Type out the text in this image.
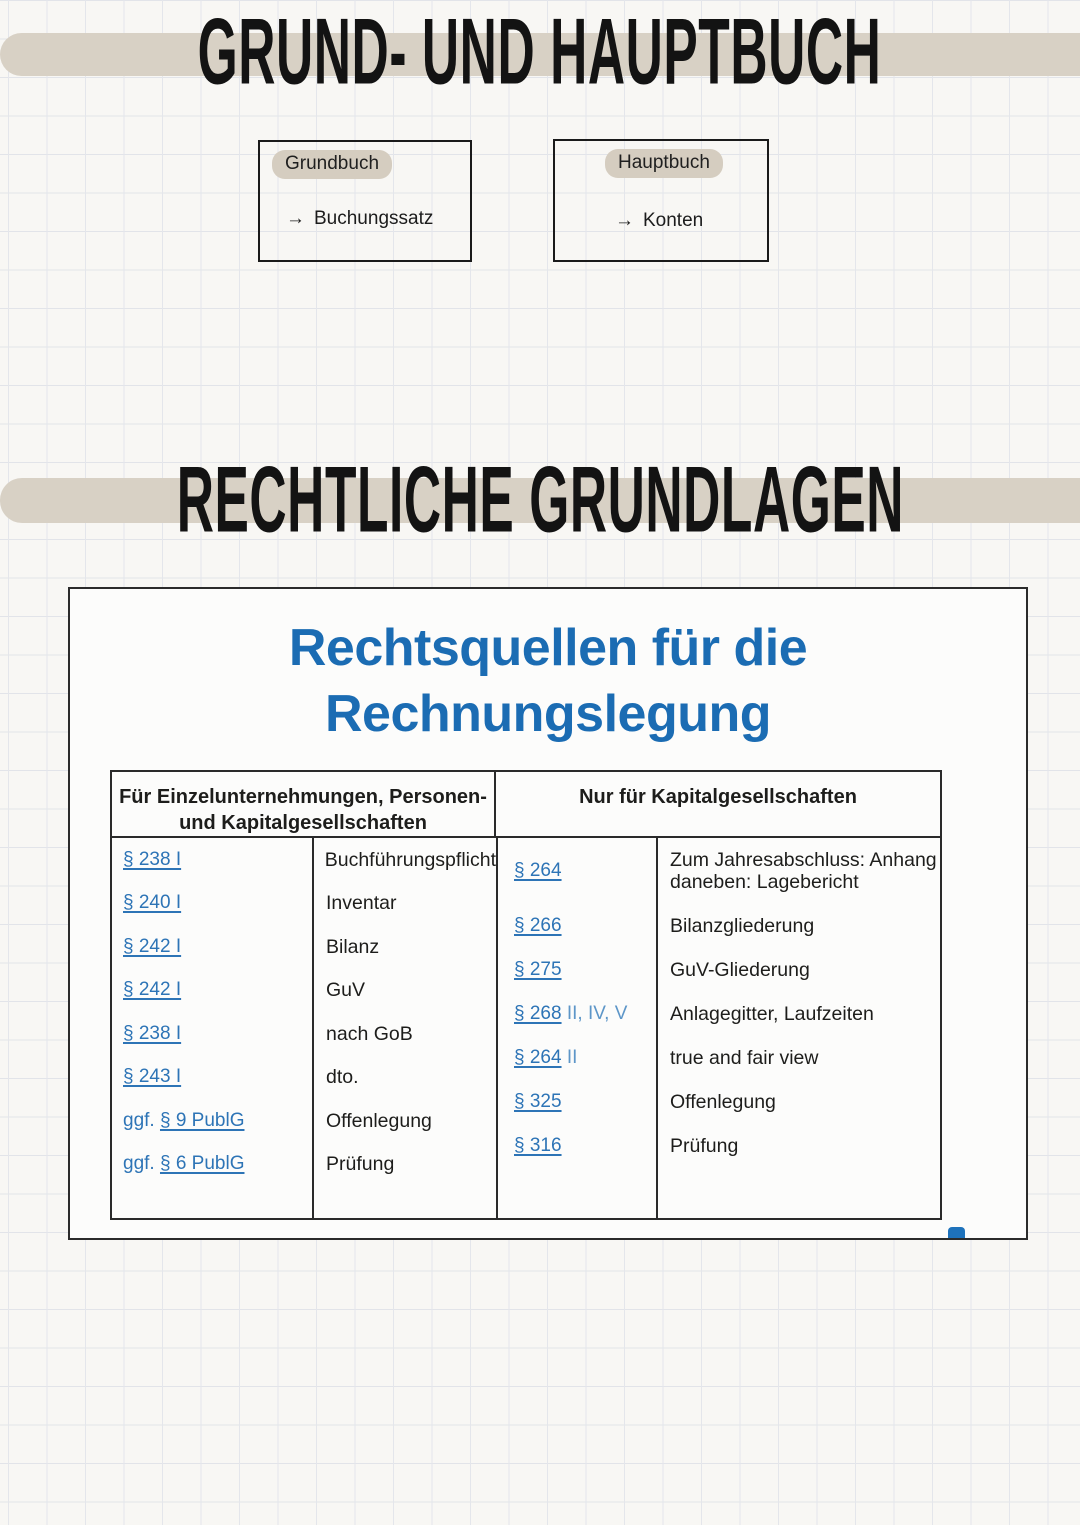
GRUND- UND HAUPTBUCH
Grundbuch
→ Buchungssatz
Hauptbuch
→ Konten
RECHTLICHE GRUNDLAGEN
Rechtsquellen für die
Rechnungslegung
Für Einzelunternehmungen, Personen-
und Kapitalgesellschaften
Nur für Kapitalgesellschaften
§ 238 I	Buchführungspflicht
§ 240 I	Inventar
§ 242 I	Bilanz
§ 242 I	GuV
§ 238 I	nach GoB
§ 243 I	dto.
ggf. § 9 PublG	Offenlegung
ggf. § 6 PublG	Prüfung
§ 264	Zum Jahresabschluss: Anhang
daneben: Lagebericht
§ 266	Bilanzgliederung
§ 275	GuV-Gliederung
§ 268 II, IV, V	Anlagegitter, Laufzeiten
§ 264 II	true and fair view
§ 325	Offenlegung
§ 316	Prüfung
